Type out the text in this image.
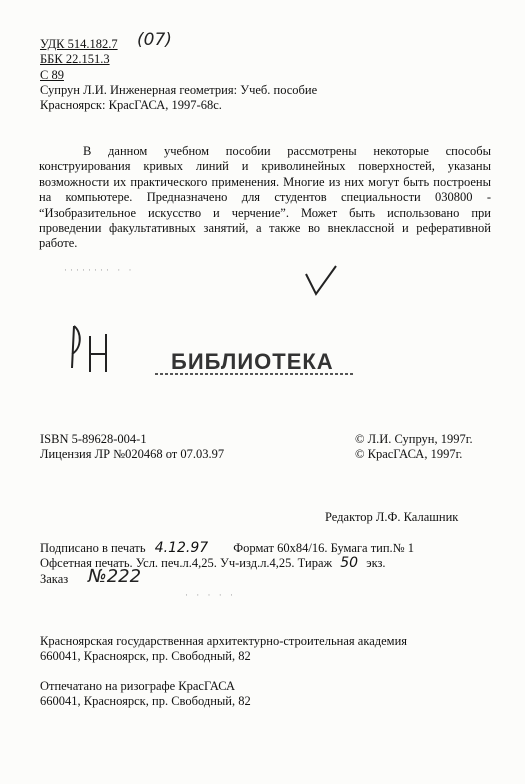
УДК 514.182.7 (07)
ББК 22.151.3
С 89
Супрун Л.И. Инженерная геометрия: Учеб. пособие
Красноярск: КрасГАСА, 1997-68с.
В данном учебном пособии рассмотрены некоторые способы конструирования кривых линий и криволинейных поверхностей, указаны возможности их практического применения. Многие из них могут быть построены на компьютере. Предназначено для студентов специальности 030800 - “Изобразительное искусство и черчение”. Может быть использовано при проведении факультативных занятий, а также во внеклассной и реферативной работе.
········ · ·
БИБЛИОТЕКА
ISBN 5-89628-004-1
Лицензия ЛР №020468 от 07.03.97
© Л.И. Супрун, 1997г.
© КрасГАСА, 1997г.
Редактор Л.Ф. Калашник
Подписано в печать 4.12.97 Формат 60х84/16. Бумага тип.№ 1
Офсетная печать. Усл. печ.л.4,25. Уч-изд.л.4,25. Тираж 50 экз.
Заказ №222
· · · · ·
Красноярская государственная архитектурно-строительная академия
660041, Красноярск, пр. Свободный, 82
Отпечатано на ризографе КрасГАСА
660041, Красноярск, пр. Свободный, 82
